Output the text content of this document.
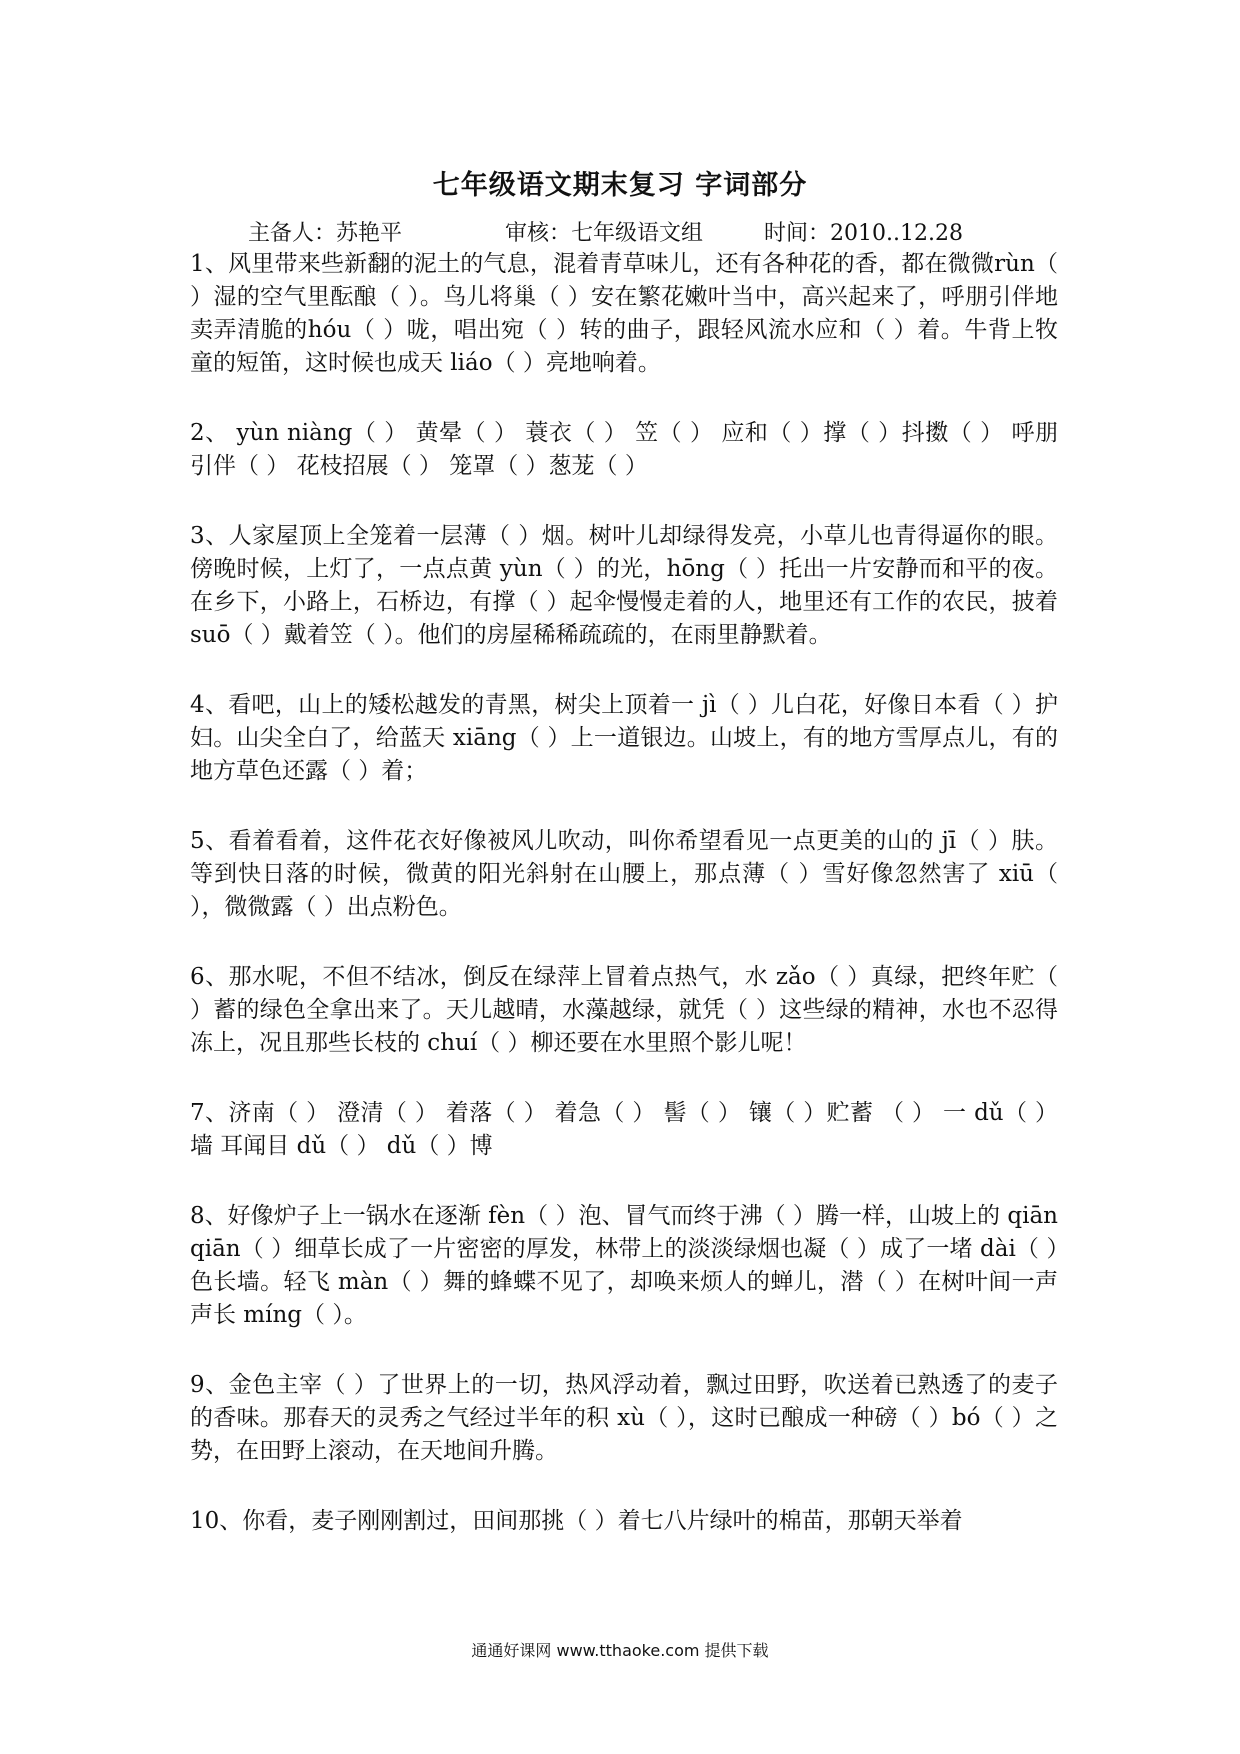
七年级语文期末复习 字词部分
主备人：苏艳平	审核：七年级语文组	时间：2010..12.28

1、风里带来些新翻的泥土的气息，混着青草味儿，还有各种花的香，都在微微rùn（ ）湿的空气里酝酿（ ）。鸟儿将巢（ ）安在繁花嫩叶当中，高兴起来了，呼朋引伴地卖弄清脆的hóu（ ）咙，唱出宛（ ）转的曲子，跟轻风流水应和（ ）着。牛背上牧童的短笛，这时候也成天 liáo（ ）亮地响着。

2、 yùn niàng（ ） 黄晕（ ） 蓑衣（ ） 笠（ ） 应和（ ）撑（ ）抖擞（ ） 呼朋引伴（ ） 花枝招展（ ） 笼罩（ ）葱茏（ ）

3、人家屋顶上全笼着一层薄（ ）烟。树叶儿却绿得发亮，小草儿也青得逼你的眼。傍晚时候，上灯了，一点点黄 yùn（ ）的光，hōng（ ）托出一片安静而和平的夜。在乡下，小路上，石桥边，有撑（ ）起伞慢慢走着的人，地里还有工作的农民，披着 suō（ ）戴着笠（ ）。他们的房屋稀稀疏疏的，在雨里静默着。

4、看吧，山上的矮松越发的青黑，树尖上顶着一 jì（ ）儿白花，好像日本看（ ）护妇。山尖全白了，给蓝天 xiāng（ ）上一道银边。山坡上，有的地方雪厚点儿，有的地方草色还露（ ）着；

5、看着看着，这件花衣好像被风儿吹动，叫你希望看见一点更美的山的 jī（ ）肤。等到快日落的时候，微黄的阳光斜射在山腰上，那点薄（ ）雪好像忽然害了 xiū（ ），微微露（ ）出点粉色。

6、那水呢，不但不结冰，倒反在绿萍上冒着点热气，水 zǎo（ ）真绿，把终年贮（ ）蓄的绿色全拿出来了。天儿越晴，水藻越绿，就凭（ ）这些绿的精神，水也不忍得冻上，况且那些长枝的 chuí（ ）柳还要在水里照个影儿呢！

7、济南（ ） 澄清（ ） 着落（ ） 着急（ ） 髻（ ） 镶（ ）贮蓄 （ ） 一 dǔ（ ）墙 耳闻目 dǔ（ ） dǔ（ ）博

8、好像炉子上一锅水在逐渐 fèn（ ）泡、冒气而终于沸（ ）腾一样，山坡上的 qiān qiān（ ）细草长成了一片密密的厚发，林带上的淡淡绿烟也凝（ ）成了一堵 dài（ ）色长墙。轻飞 màn（ ）舞的蜂蝶不见了，却唤来烦人的蝉儿，潜（ ）在树叶间一声声长 míng（ ）。

9、金色主宰（ ）了世界上的一切，热风浮动着，飘过田野，吹送着已熟透了的麦子的香味。那春天的灵秀之气经过半年的积 xù（ ），这时已酿成一种磅（ ）bó（ ）之势，在田野上滚动，在天地间升腾。

10、你看，麦子刚刚割过，田间那挑（ ）着七八片绿叶的棉苗，那朝天举着

通通好课网 www.tthaoke.com 提供下载
